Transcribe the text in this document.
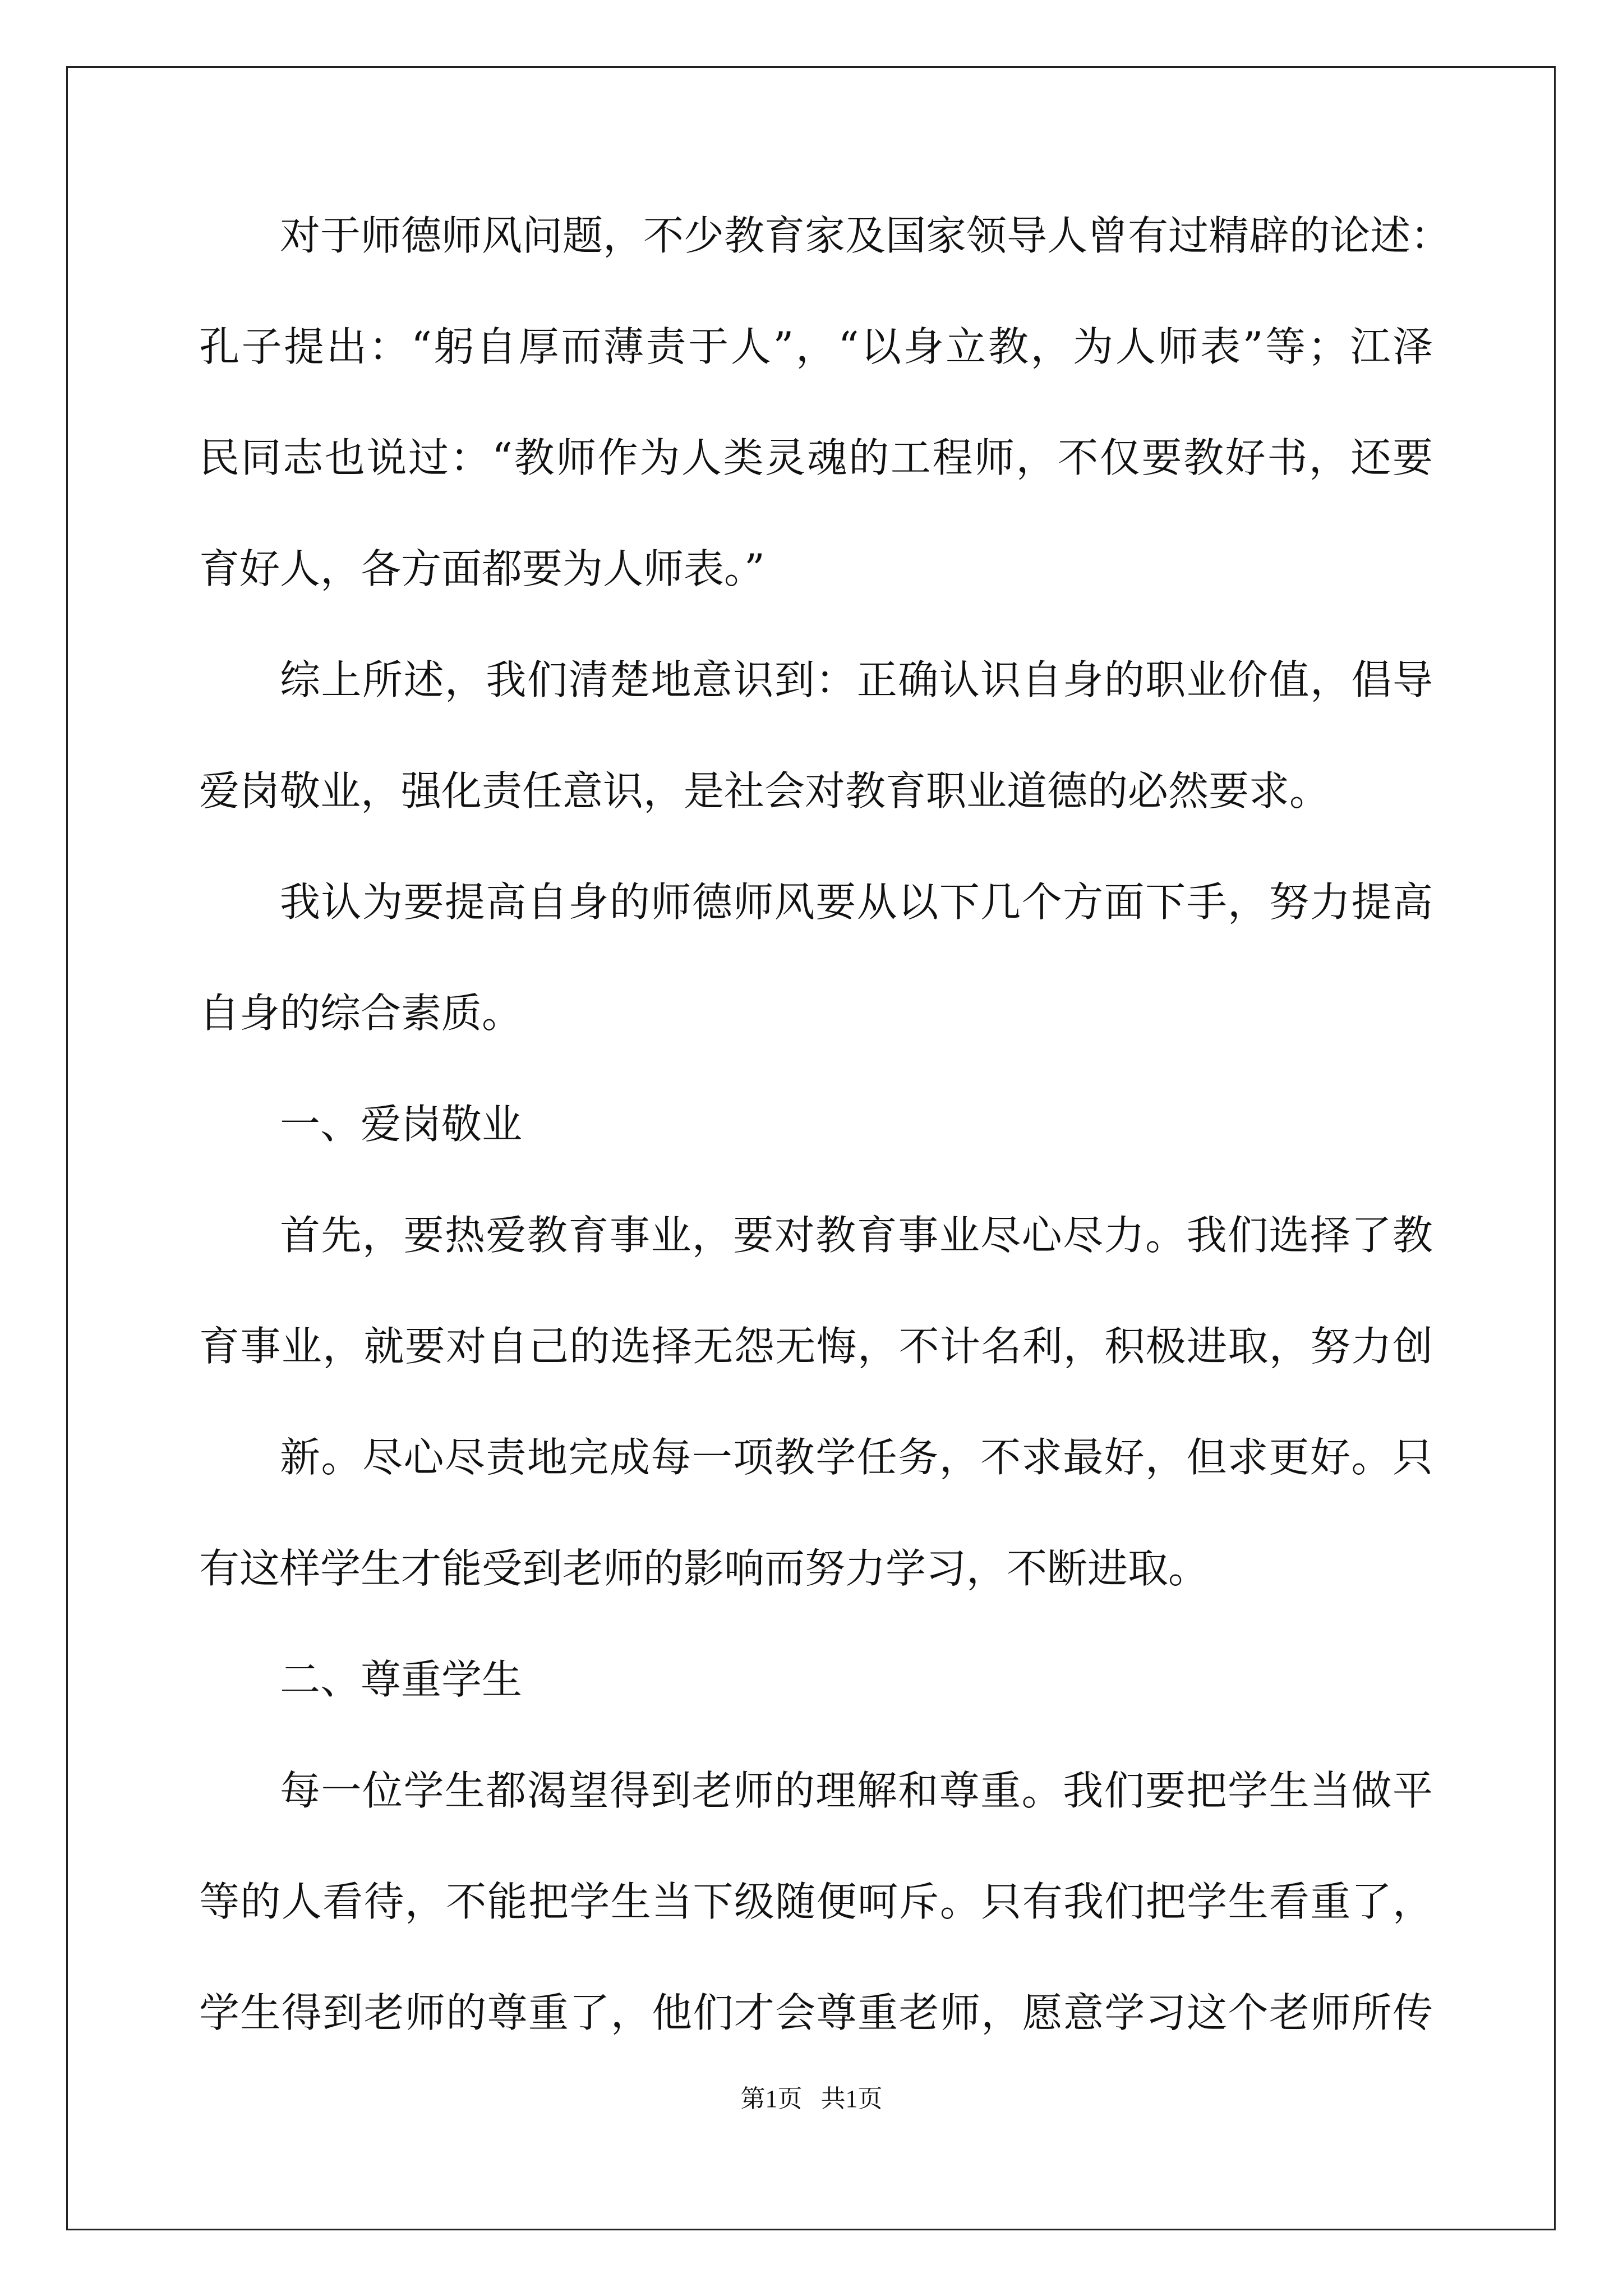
对于师德师风问题，不少教育家及国家领导人曾有过精辟的论述：
孔子提出：“躬自厚而薄责于人”，“以身立教，为人师表”等；江泽
民同志也说过：“教师作为人类灵魂的工程师，不仅要教好书，还要
育好人，各方面都要为人师表。”
综上所述，我们清楚地意识到：正确认识自身的职业价值，倡导
爱岗敬业，强化责任意识，是社会对教育职业道德的必然要求。
我认为要提高自身的师德师风要从以下几个方面下手，努力提高
自身的综合素质。
一、爱岗敬业
首先，要热爱教育事业，要对教育事业尽心尽力。我们选择了教
育事业，就要对自己的选择无怨无悔，不计名利，积极进取，努力创
新。尽心尽责地完成每一项教学任务，不求最好，但求更好。只
有这样学生才能受到老师的影响而努力学习，不断进取。
二、尊重学生
每一位学生都渴望得到老师的理解和尊重。我们要把学生当做平
等的人看待，不能把学生当下级随便呵斥。只有我们把学生看重了，
学生得到老师的尊重了，他们才会尊重老师，愿意学习这个老师所传
第1页   共1页
